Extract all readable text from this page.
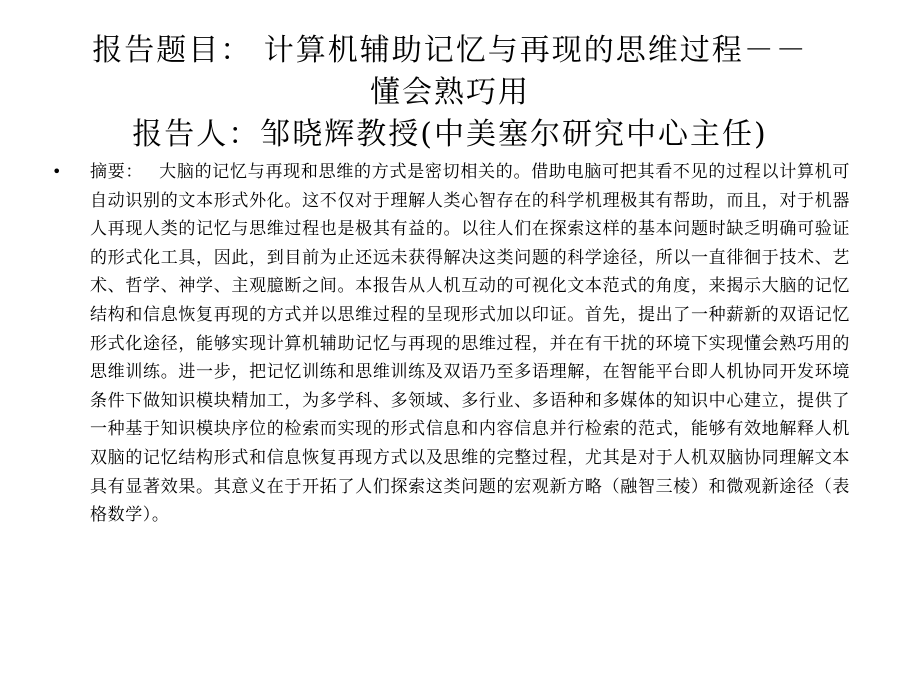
报告题目： 计算机辅助记忆与再现的思维过程－－
懂会熟巧用
报告人：邹晓辉教授(中美塞尔研究中心主任)
• 摘要： 大脑的记忆与再现和思维的方式是密切相关的。借助电脑可把其看不见的过程以计算机可自动识别的文本形式外化。这不仅对于理解人类心智存在的科学机理极其有帮助，而且，对于机器人再现人类的记忆与思维过程也是极其有益的。以往人们在探索这样的基本问题时缺乏明确可验证的形式化工具，因此，到目前为止还远未获得解决这类问题的科学途径，所以一直徘徊于技术、艺术、哲学、神学、主观臆断之间。本报告从人机互动的可视化文本范式的角度，来揭示大脑的记忆结构和信息恢复再现的方式并以思维过程的呈现形式加以印证。首先，提出了一种薪新的双语记忆形式化途径，能够实现计算机辅助记忆与再现的思维过程，并在有干扰的环境下实现懂会熟巧用的思维训练。进一步，把记忆训练和思维训练及双语乃至多语理解，在智能平台即人机协同开发环境条件下做知识模块精加工，为多学科、多领域、多行业、多语种和多媒体的知识中心建立，提供了一种基于知识模块序位的检索而实现的形式信息和内容信息并行检索的范式，能够有效地解释人机双脑的记忆结构形式和信息恢复再现方式以及思维的完整过程，尤其是对于人机双脑协同理解文本具有显著效果。其意义在于开拓了人们探索这类问题的宏观新方略（融智三棱）和微观新途径（表格数学）。
